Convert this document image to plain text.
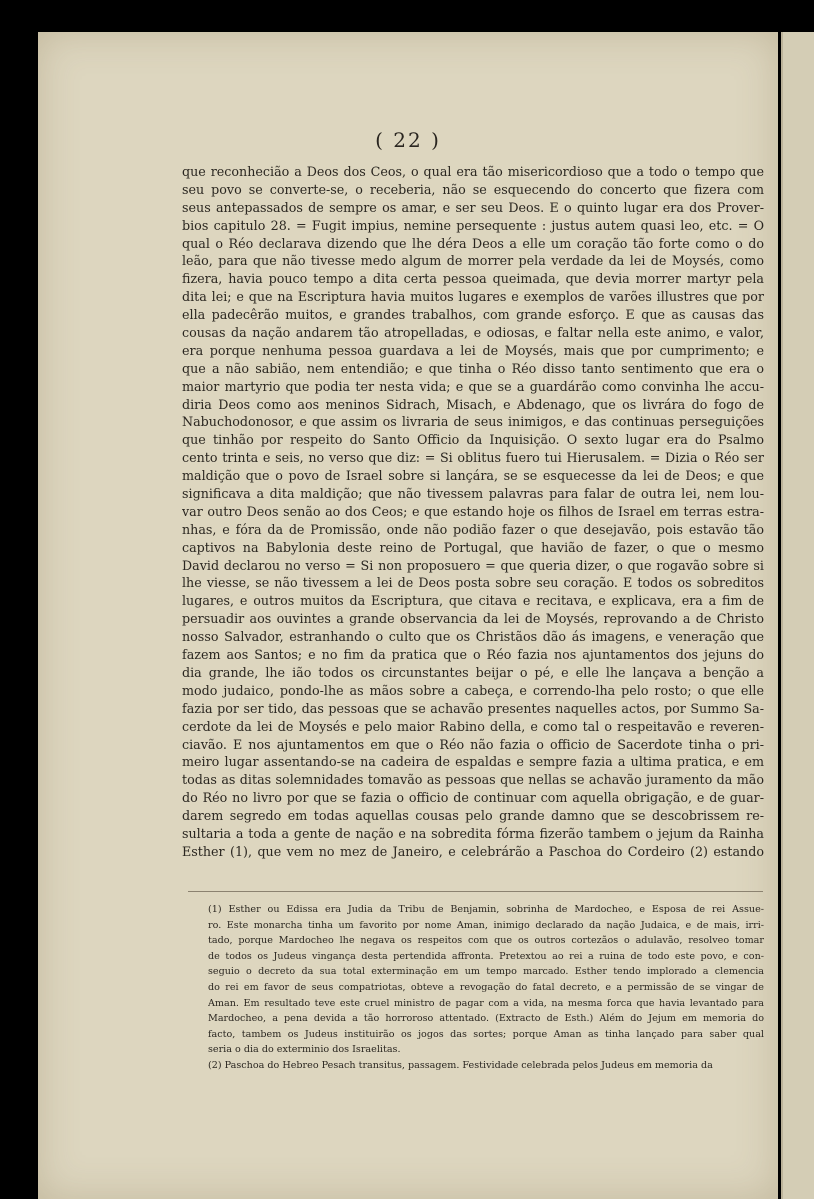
( 22 )
que reconhecião a Deos dos Ceos, o qual era tão misericordioso que a todo o tempo que
seu povo se converte-se, o receberia, não se esquecendo do concerto que fizera com
seus antepassados de sempre os amar, e ser seu Deos. E o quinto lugar era dos Prover-
bios capitulo 28. = Fugit impius, nemine persequente : justus autem quasi leo, etc. = O
qual o Réo declarava dizendo que lhe déra Deos a elle um coração tão forte como o do
leão, para que não tivesse medo algum de morrer pela verdade da lei de Moysés, como
fizera, havia pouco tempo a dita certa pessoa queimada, que devia morrer martyr pela
dita lei; e que na Escriptura havia muitos lugares e exemplos de varões illustres que por
ella padecêrão muitos, e grandes trabalhos, com grande esforço. E que as causas das
cousas da nação andarem tão atropelladas, e odiosas, e faltar nella este animo, e valor,
era porque nenhuma pessoa guardava a lei de Moysés, mais que por cumprimento; e
que a não sabião, nem entendião; e que tinha o Réo disso tanto sentimento que era o
maior martyrio que podia ter nesta vida; e que se a guardárão como convinha lhe accu-
diria Deos como aos meninos Sidrach, Misach, e Abdenago, que os livrára do fogo de
Nabuchodonosor, e que assim os livraria de seus inimigos, e das continuas perseguições
que tinhão por respeito do Santo Officio da Inquisição. O sexto lugar era do Psalmo
cento trinta e seis, no verso que diz: = Si oblitus fuero tui Hierusalem. = Dizia o Réo ser
maldição que o povo de Israel sobre si lançára, se se esquecesse da lei de Deos; e que
significava a dita maldição; que não tivessem palavras para falar de outra lei, nem lou-
var outro Deos senão ao dos Ceos; e que estando hoje os filhos de Israel em terras estra-
nhas, e fóra da de Promissão, onde não podião fazer o que desejavão, pois estavão tão
captivos na Babylonia deste reino de Portugal, que havião de fazer, o que o mesmo
David declarou no verso = Si non proposuero = que queria dizer, o que rogavão sobre si
lhe viesse, se não tivessem a lei de Deos posta sobre seu coração. E todos os sobreditos
lugares, e outros muitos da Escriptura, que citava e recitava, e explicava, era a fim de
persuadir aos ouvintes a grande observancia da lei de Moysés, reprovando a de Christo
nosso Salvador, estranhando o culto que os Christãos dão ás imagens, e veneração que
fazem aos Santos; e no fim da pratica que o Réo fazia nos ajuntamentos dos jejuns do
dia grande, lhe ião todos os circunstantes beijar o pé, e elle lhe lançava a benção a
modo judaico, pondo-lhe as mãos sobre a cabeça, e correndo-lha pelo rosto; o que elle
fazia por ser tido, das pessoas que se achavão presentes naquelles actos, por Summo Sa-
cerdote da lei de Moysés e pelo maior Rabino della, e como tal o respeitavão e reveren-
ciavão. E nos ajuntamentos em que o Réo não fazia o officio de Sacerdote tinha o pri-
meiro lugar assentando-se na cadeira de espaldas e sempre fazia a ultima pratica, e em
todas as ditas solemnidades tomavão as pessoas que nellas se achavão juramento da mão
do Réo no livro por que se fazia o officio de continuar com aquella obrigação, e de guar-
darem segredo em todas aquellas cousas pelo grande damno que se descobrissem re-
sultaria a toda a gente de nação e na sobredita fórma fizerão tambem o jejum da Rainha
Esther (1), que vem no mez de Janeiro, e celebrárão a Paschoa do Cordeiro (2) estando
(1) Esther ou Edissa era Judia da Tribu de Benjamin, sobrinha de Mardocheo, e Esposa de rei Assue-
ro. Este monarcha tinha um favorito por nome Aman, inimigo declarado da nação Judaica, e de mais, irri-
tado, porque Mardocheo lhe negava os respeitos com que os outros cortezãos o adulavão, resolveo tomar
de todos os Judeus vingança desta pertendida affronta. Pretextou ao rei a ruina de todo este povo, e con-
seguio o decreto da sua total exterminação em um tempo marcado. Esther tendo implorado a clemencia
do rei em favor de seus compatriotas, obteve a revogação do fatal decreto, e a permissão de se vingar de
Aman. Em resultado teve este cruel ministro de pagar com a vida, na mesma forca que havia levantado para
Mardocheo, a pena devida a tão horroroso attentado. (Extracto de Esth.) Além do Jejum em memoria do
facto, tambem os Judeus instituirão os jogos das sortes; porque Aman as tinha lançado para saber qual
seria o dia do exterminio dos Israelitas.
(2) Paschoa do Hebreo Pesach transitus, passagem. Festividade celebrada pelos Judeus em memoria da
